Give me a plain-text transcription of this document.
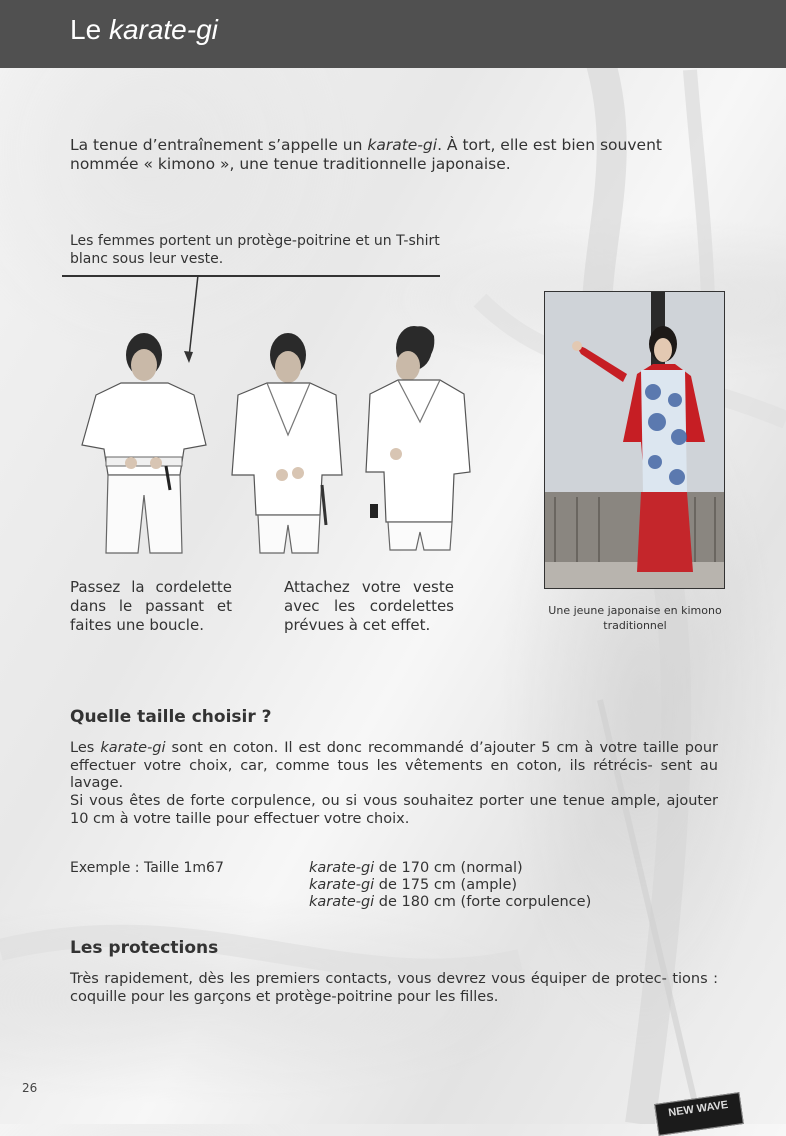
Le karate-gi

La tenue d’entraînement s’appelle un karate-gi. À tort, elle est bien souvent nommée « kimono », une tenue traditionnelle japonaise.

Les femmes portent un protège-poitrine et un T-shirt blanc sous leur veste.

Passez la cordelette dans le passant et faites une boucle.

Attachez votre veste avec les cordelettes prévues à cet effet.

Une jeune japonaise en kimono traditionnel

Quelle taille choisir ?

Les karate-gi sont en coton. Il est donc recommandé d’ajouter 5 cm à votre taille pour effectuer votre choix, car, comme tous les vêtements en coton, ils rétrécis- sent au lavage.

Si vous êtes de forte corpulence, ou si vous souhaitez porter une tenue ample, ajouter 10 cm à votre taille pour effectuer votre choix.

Exemple : Taille 1m67	karate-gi de 170 cm (normal)
karate-gi de 175 cm (ample)
karate-gi de 180 cm (forte corpulence)
Les protections

Très rapidement, dès les premiers contacts, vous devrez vous équiper de protec- tions : coquille pour les garçons et protège-poitrine pour les filles.

26
NEW WAVE
